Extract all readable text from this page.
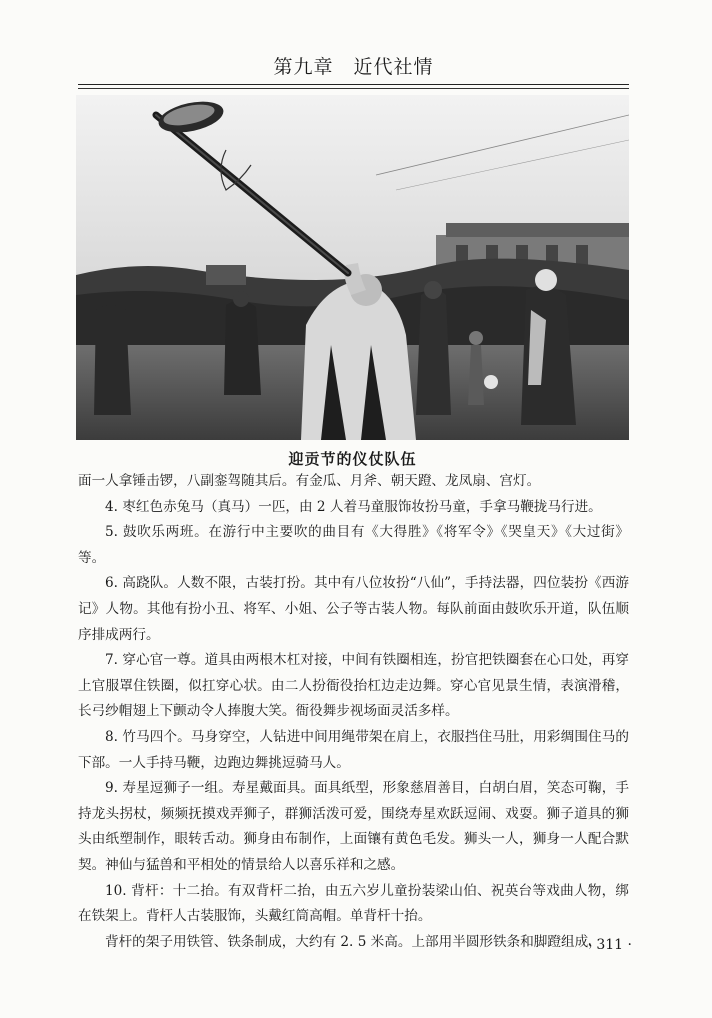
第九章　近代社情
迎贡节的仪仗队伍

面一人拿锤击锣，八副銮驾随其后。有金瓜、月斧、朝天蹬、龙凤扇、宫灯。

4. 枣红色赤兔马（真马）一匹，由 2 人着马童服饰妆扮马童，手拿马鞭拢马行进。

5. 鼓吹乐两班。在游行中主要吹的曲目有《大得胜》《将军令》《哭皇天》《大过街》等。

6. 高跷队。人数不限，古装打扮。其中有八位妆扮“八仙”，手持法器，四位装扮《西游记》人物。其他有扮小丑、将军、小姐、公子等古装人物。每队前面由鼓吹乐开道，队伍顺序排成两行。

7. 穿心官一尊。道具由两根木杠对接，中间有铁圈相连，扮官把铁圈套在心口处，再穿上官服罩住铁圈，似扛穿心状。由二人扮衙役抬杠边走边舞。穿心官见景生情，表演滑稽，长弓纱帽翅上下颤动令人捧腹大笑。衙役舞步视场面灵活多样。

8. 竹马四个。马身穿空，人钻进中间用绳带架在肩上，衣服挡住马肚，用彩绸围住马的下部。一人手持马鞭，边跑边舞挑逗骑马人。

9. 寿星逗狮子一组。寿星戴面具。面具纸型，形象慈眉善目，白胡白眉，笑态可鞠，手持龙头拐杖，频频抚摸戏弄狮子，群狮活泼可爱，围绕寿星欢跃逗闹、戏耍。狮子道具的狮头由纸塑制作，眼转舌动。狮身由布制作，上面镶有黄色毛发。狮头一人，狮身一人配合默契。神仙与猛兽和平相处的情景给人以喜乐祥和之感。

10. 背杆：十二抬。有双背杆二抬，由五六岁儿童扮装梁山伯、祝英台等戏曲人物，绑在铁架上。背杆人古装服饰，头戴红筒高帽。单背杆十抬。

背杆的架子用铁管、铁条制成，大约有 2. 5 米高。上部用半圆形铁条和脚蹬组成，

· 311 ·
